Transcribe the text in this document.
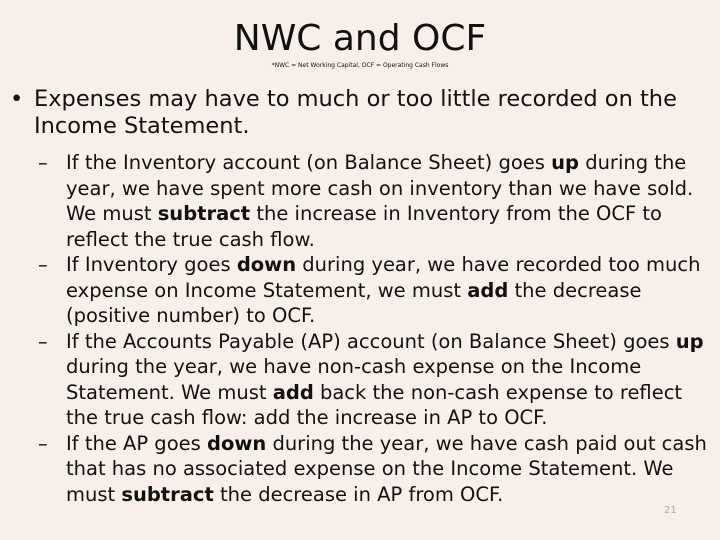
NWC and OCF
*NWC = Net Working Capital, OCF = Operating Cash Flows
• Expenses may have to much or too little recorded on the Income Statement.
– If the Inventory account (on Balance Sheet) goes up during the year, we have spent more cash on inventory than we have sold. We must subtract the increase in Inventory from the OCF to reflect the true cash flow.
– If Inventory goes down during year, we have recorded too much expense on Income Statement, we must add the decrease (positive number) to OCF.
– If the Accounts Payable (AP) account (on Balance Sheet) goes up during the year, we have non-cash expense on the Income Statement. We must add back the non-cash expense to reflect the true cash flow: add the increase in AP to OCF.
– If the AP goes down during the year, we have cash paid out cash that has no associated expense on the Income Statement. We must subtract the decrease in AP from OCF.
21
